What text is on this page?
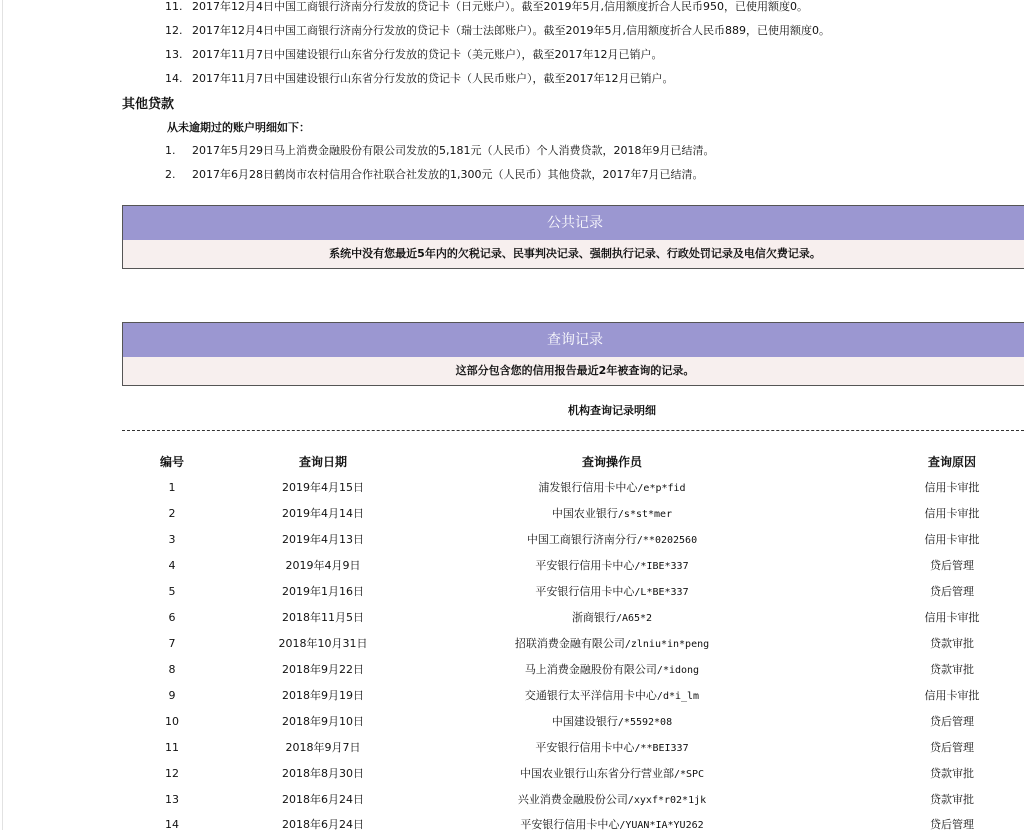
11. 2017年12月4日中国工商银行济南分行发放的贷记卡（日元账户）。截至2019年5月,信用额度折合人民币950，已使用额度0。
12. 2017年12月4日中国工商银行济南分行发放的贷记卡（瑞士法郎账户）。截至2019年5月,信用额度折合人民币889，已使用额度0。
13. 2017年11月7日中国建设银行山东省分行发放的贷记卡（美元账户），截至2017年12月已销户。
14. 2017年11月7日中国建设银行山东省分行发放的贷记卡（人民币账户），截至2017年12月已销户。
其他贷款
从未逾期过的账户明细如下：
1. 2017年5月29日马上消费金融股份有限公司发放的5,181元（人民币）个人消费贷款，2018年9月已结清。
2. 2017年6月28日鹤岗市农村信用合作社联合社发放的1,300元（人民币）其他贷款，2017年7月已结清。
公共记录
系统中没有您最近5年内的欠税记录、民事判决记录、强制执行记录、行政处罚记录及电信欠费记录。
查询记录
这部分包含您的信用报告最近2年被查询的记录。
机构查询记录明细
编号	查询日期	查询操作员	查询原因
1	2019年4月15日	浦发银行信用卡中心/e*p*fid	信用卡审批
2	2019年4月14日	中国农业银行/s*st*mer	信用卡审批
3	2019年4月13日	中国工商银行济南分行/**0202560	信用卡审批
4	2019年4月9日	平安银行信用卡中心/*IBE*337	贷后管理
5	2019年1月16日	平安银行信用卡中心/L*BE*337	贷后管理
6	2018年11月5日	浙商银行/A65*2	信用卡审批
7	2018年10月31日	招联消费金融有限公司/zlniu*in*peng	贷款审批
8	2018年9月22日	马上消费金融股份有限公司/*idong	贷款审批
9	2018年9月19日	交通银行太平洋信用卡中心/d*i_lm	信用卡审批
10	2018年9月10日	中国建设银行/*5592*08	贷后管理
11	2018年9月7日	平安银行信用卡中心/**BEI337	贷后管理
12	2018年8月30日	中国农业银行山东省分行营业部/*SPC	贷款审批
13	2018年6月24日	兴业消费金融股份公司/xyxf*r02*1jk	贷款审批
14	2018年6月24日	平安银行信用卡中心/YUAN*IA*YU262	贷后管理
